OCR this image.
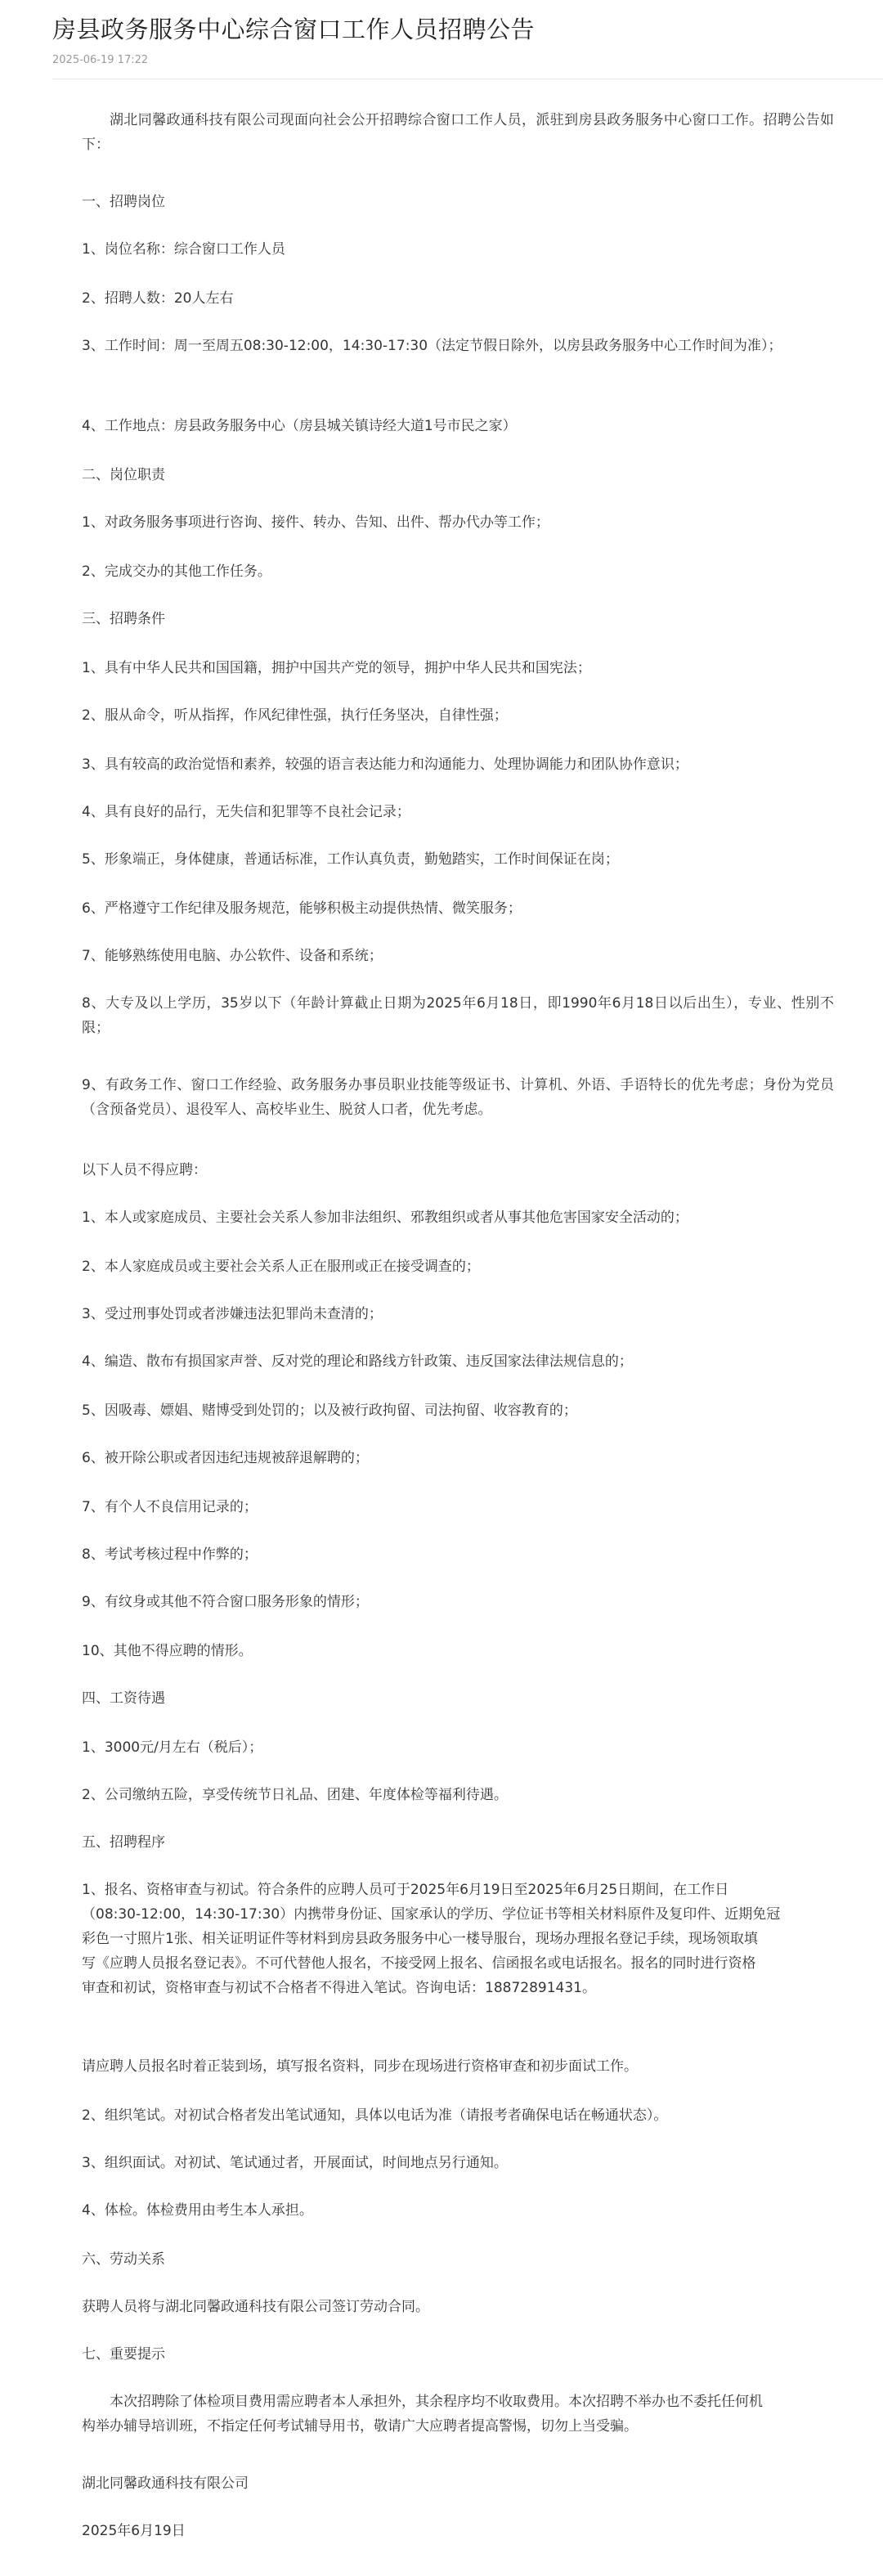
房县政务服务中心综合窗口工作人员招聘公告
2025-06-19 17:22

湖北同馨政通科技有限公司现面向社会公开招聘综合窗口工作人员，派驻到房县政务服务中心窗口工作。招聘公告如下：

一、招聘岗位

1、岗位名称：综合窗口工作人员

2、招聘人数：20人左右

3、工作时间：周一至周五08:30-12:00，14:30-17:30（法定节假日除外，以房县政务服务中心工作时间为准）；

4、工作地点：房县政务服务中心（房县城关镇诗经大道1号市民之家）

二、岗位职责

1、对政务服务事项进行咨询、接件、转办、告知、出件、帮办代办等工作；

2、完成交办的其他工作任务。

三、招聘条件

1、具有中华人民共和国国籍，拥护中国共产党的领导，拥护中华人民共和国宪法；

2、服从命令，听从指挥，作风纪律性强，执行任务坚决，自律性强；

3、具有较高的政治觉悟和素养，较强的语言表达能力和沟通能力、处理协调能力和团队协作意识；

4、具有良好的品行，无失信和犯罪等不良社会记录；

5、形象端正，身体健康，普通话标准，工作认真负责，勤勉踏实，工作时间保证在岗；

6、严格遵守工作纪律及服务规范，能够积极主动提供热情、微笑服务；

7、能够熟练使用电脑、办公软件、设备和系统；

8、大专及以上学历，35岁以下（年龄计算截止日期为2025年6月18日，即1990年6月18日以后出生），专业、性别不限；

9、有政务工作、窗口工作经验、政务服务办事员职业技能等级证书、计算机、外语、手语特长的优先考虑；身份为党员（含预备党员）、退役军人、高校毕业生、脱贫人口者，优先考虑。

以下人员不得应聘：

1、本人或家庭成员、主要社会关系人参加非法组织、邪教组织或者从事其他危害国家安全活动的；

2、本人家庭成员或主要社会关系人正在服刑或正在接受调查的；

3、受过刑事处罚或者涉嫌违法犯罪尚未查清的；

4、编造、散布有损国家声誉、反对党的理论和路线方针政策、违反国家法律法规信息的；

5、因吸毒、嫖娼、赌博受到处罚的；以及被行政拘留、司法拘留、收容教育的；

6、被开除公职或者因违纪违规被辞退解聘的；

7、有个人不良信用记录的；

8、考试考核过程中作弊的；

9、有纹身或其他不符合窗口服务形象的情形；

10、其他不得应聘的情形。

四、工资待遇

1、3000元/月左右（税后）；

2、公司缴纳五险，享受传统节日礼品、团建、年度体检等福利待遇。

五、招聘程序

1、报名、资格审查与初试。符合条件的应聘人员可于2025年6月19日至2025年6月25日期间，在工作日
（08:30-12:00，14:30-17:30）内携带身份证、国家承认的学历、学位证书等相关材料原件及复印件、近期免冠
彩色一寸照片1张、相关证明证件等材料到房县政务服务中心一楼导服台，现场办理报名登记手续，现场领取填
写《应聘人员报名登记表》。不可代替他人报名，不接受网上报名、信函报名或电话报名。报名的同时进行资格
审查和初试，资格审查与初试不合格者不得进入笔试。咨询电话：18872891431。

请应聘人员报名时着正装到场，填写报名资料，同步在现场进行资格审查和初步面试工作。

2、组织笔试。对初试合格者发出笔试通知，具体以电话为准（请报考者确保电话在畅通状态）。

3、组织面试。对初试、笔试通过者，开展面试，时间地点另行通知。

4、体检。体检费用由考生本人承担。

六、劳动关系

获聘人员将与湖北同馨政通科技有限公司签订劳动合同。

七、重要提示

本次招聘除了体检项目费用需应聘者本人承担外，其余程序均不收取费用。本次招聘不举办也不委托任何机
构举办辅导培训班，不指定任何考试辅导用书，敬请广大应聘者提高警惕，切勿上当受骗。

湖北同馨政通科技有限公司

2025年6月19日
